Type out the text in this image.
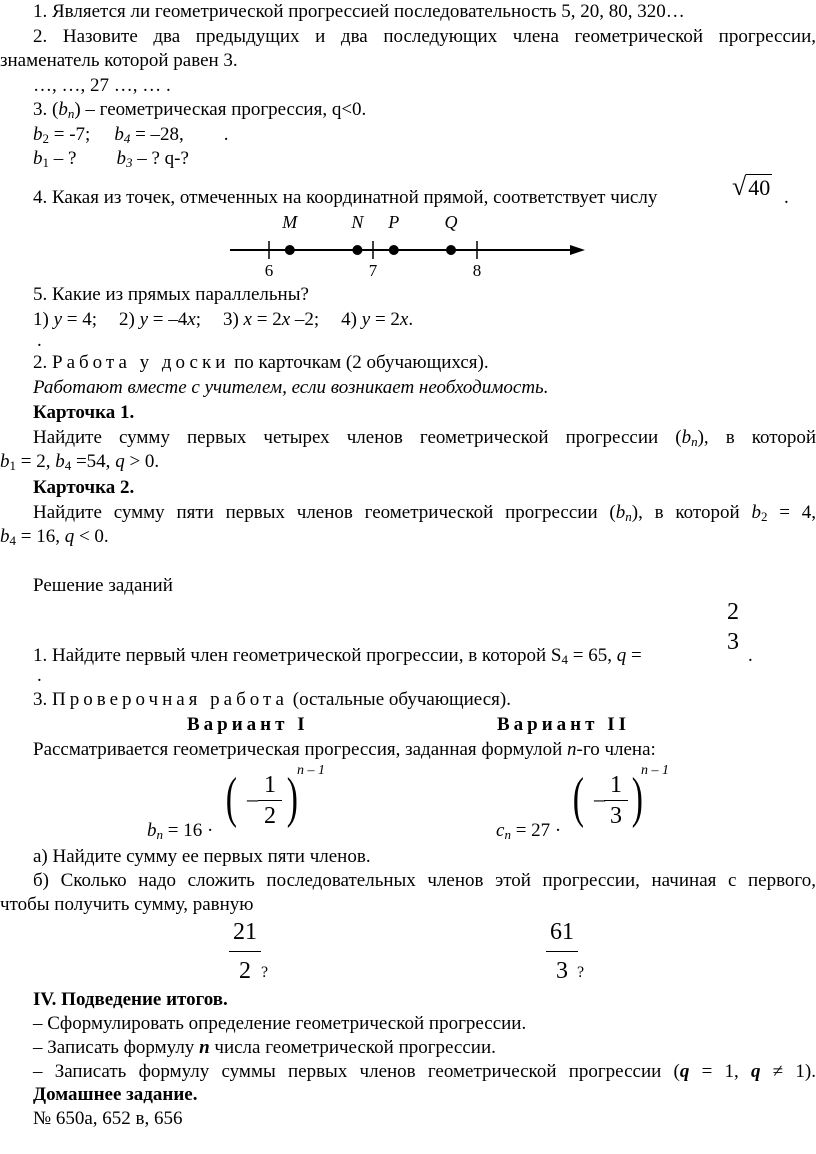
1. Является ли геометрической прогрессией последовательность 5, 20, 80, 320…
2. Назовите два предыдущих и два последующих члена геометрической прогрессии,
знаменатель которой равен 3.
…, …, 27 …, … .
3. $(b_n)$ – геометрическая прогрессия, q<0.
$b_2 = -7$; $b_4 = -28$, .
$b_1$ – ? $b_3$ – ? q-?
4. Какая из точек, отмеченных на координатной прямой, соответствует числу	√40 .
6	7	8
M	N P	Q
5. Какие из прямых параллельны?
1) y = 4; 2) y = –4x; 3) x = 2x –2; 4) y = 2x.
.
2. Работа у доски по карточкам (2 обучающихся).
Работают вместе с учителем, если возникает необходимость.
Карточка 1.
Найдите сумму первых четырех членов геометрической прогрессии $(b_n)$, в которой
$b_1 = 2$, $b_4 =54$, q > 0.
Карточка 2.
Найдите сумму пяти первых членов геометрической прогрессии $(b_n)$, в которой $b_2 = 4$,
$b_4 = 16$, q < 0.
Решение заданий
2
3
1. Найдите первый член геометрической прогрессии, в которой $S_4 = 65$, q =	.
.
3. Проверочная работа (остальные обучающиеся).
Вариант I	Вариант II
Рассматривается геометрическая прогрессия, заданная формулой n-го члена:
$b_n = 16$ ·
( –
1
2 ) n – 1
$c_n = 27$ ·
( –
1
3 )
n – 1
а) Найдите сумму ее первых пяти членов.
б) Сколько надо сложить последовательных членов этой прогрессии, начиная с первого,
чтобы получить сумму, равную
21
2 ?
61
3 ?
IV. Подведение итогов.
– Сформулировать определение геометрической прогрессии.
– Записать формулу n числа геометрической прогрессии.
– Записать формулу суммы первых членов геометрической прогрессии (q = 1, q ≠ 1).
Домашнее задание.
№ 650а, 652 в, 656
